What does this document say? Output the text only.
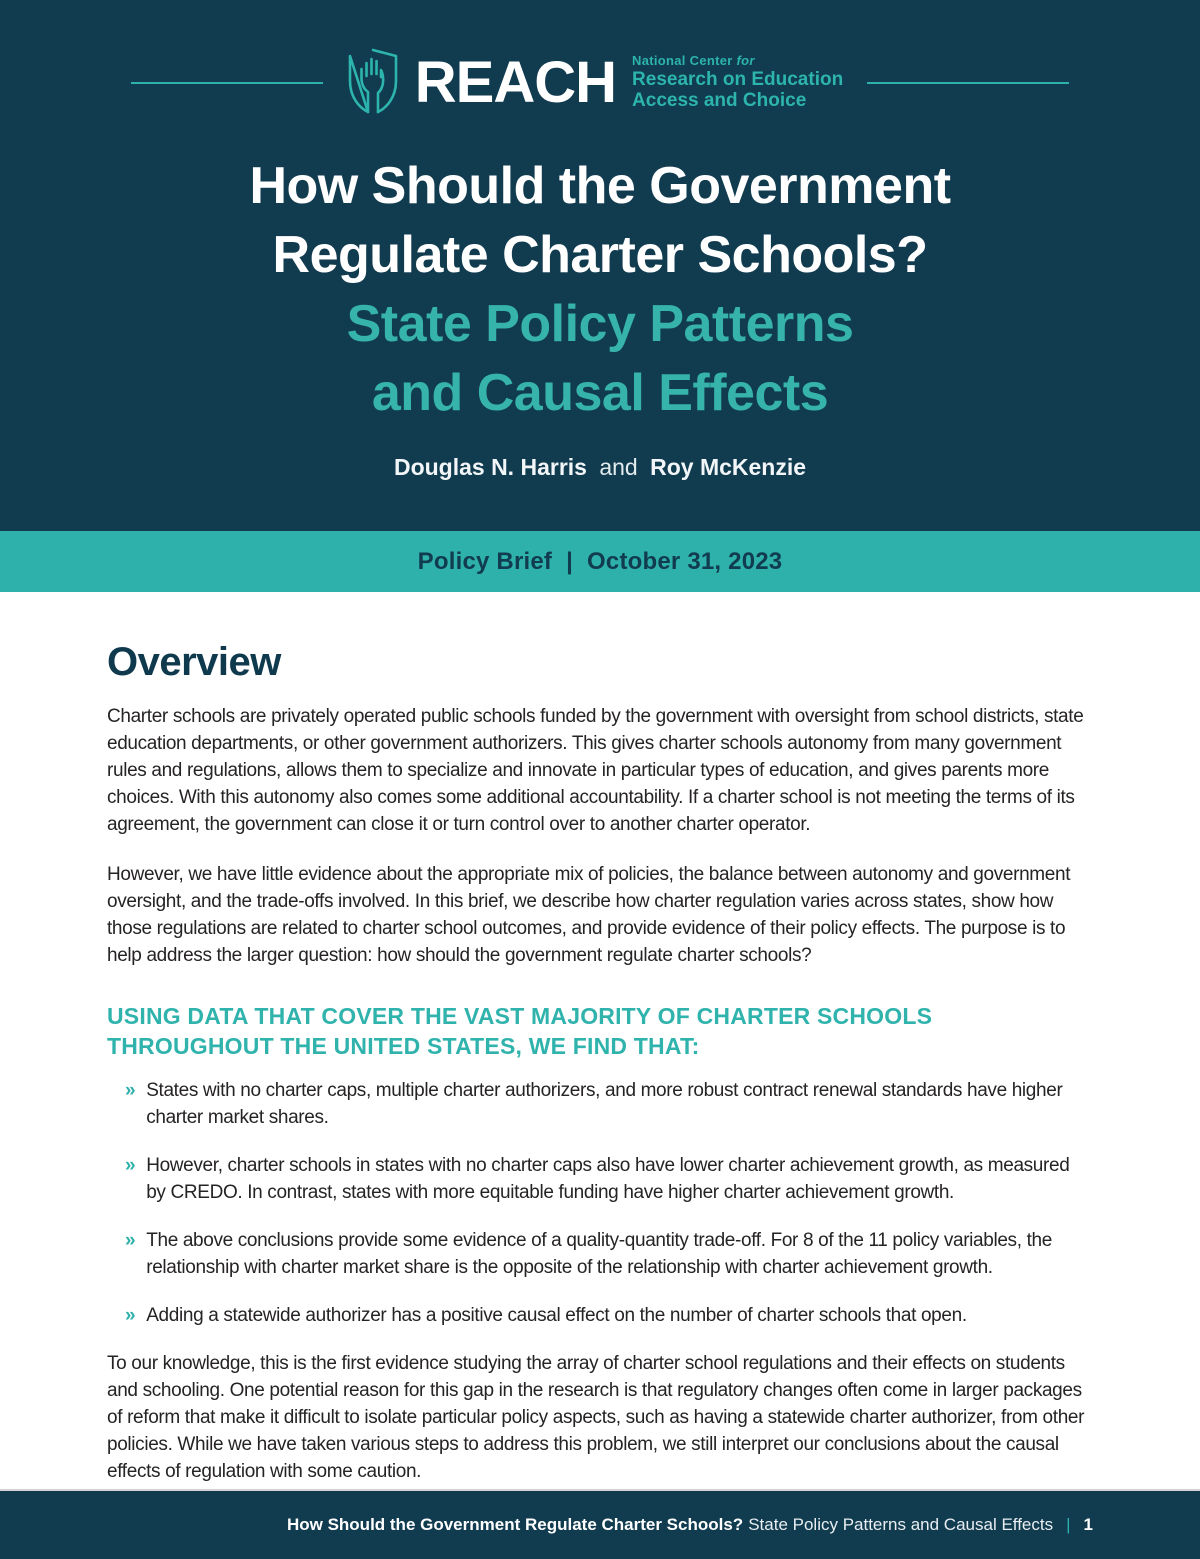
REACH National Center for
Research on Education
Access and Choice
How Should the Government
Regulate Charter Schools?
State Policy Patterns
and Causal Effects
Douglas N. Harris and Roy McKenzie
Policy Brief | October 31, 2023
Overview

Charter schools are privately operated public schools funded by the government with oversight from school districts, state education departments, or other government authorizers. This gives charter schools autonomy from many government rules and regulations, allows them to specialize and innovate in particular types of education, and gives parents more choices. With this autonomy also comes some additional accountability. If a charter school is not meeting the terms of its agreement, the government can close it or turn control over to another charter operator.

However, we have little evidence about the appropriate mix of policies, the balance between autonomy and government oversight, and the trade-offs involved. In this brief, we describe how charter regulation varies across states, show how those regulations are related to charter school outcomes, and provide evidence of their policy effects. The purpose is to help address the larger question: how should the government regulate charter schools?

USING DATA THAT COVER THE VAST MAJORITY OF CHARTER SCHOOLS THROUGHOUT THE UNITED STATES, WE FIND THAT:
» States with no charter caps, multiple charter authorizers, and more robust contract renewal standards have higher charter market shares.
» However, charter schools in states with no charter caps also have lower charter achievement growth, as measured by CREDO. In contrast, states with more equitable funding have higher charter achievement growth.
» The above conclusions provide some evidence of a quality-quantity trade-off. For 8 of the 11 policy variables, the relationship with charter market share is the opposite of the relationship with charter achievement growth.
» Adding a statewide authorizer has a positive causal effect on the number of charter schools that open.

To our knowledge, this is the first evidence studying the array of charter school regulations and their effects on students and schooling. One potential reason for this gap in the research is that regulatory changes often come in larger packages of reform that make it difficult to isolate particular policy aspects, such as having a statewide charter authorizer, from other policies. While we have taken various steps to address this problem, we still interpret our conclusions about the causal effects of regulation with some caution.

How Should the Government Regulate Charter Schools? State Policy Patterns and Causal Effects | 1
